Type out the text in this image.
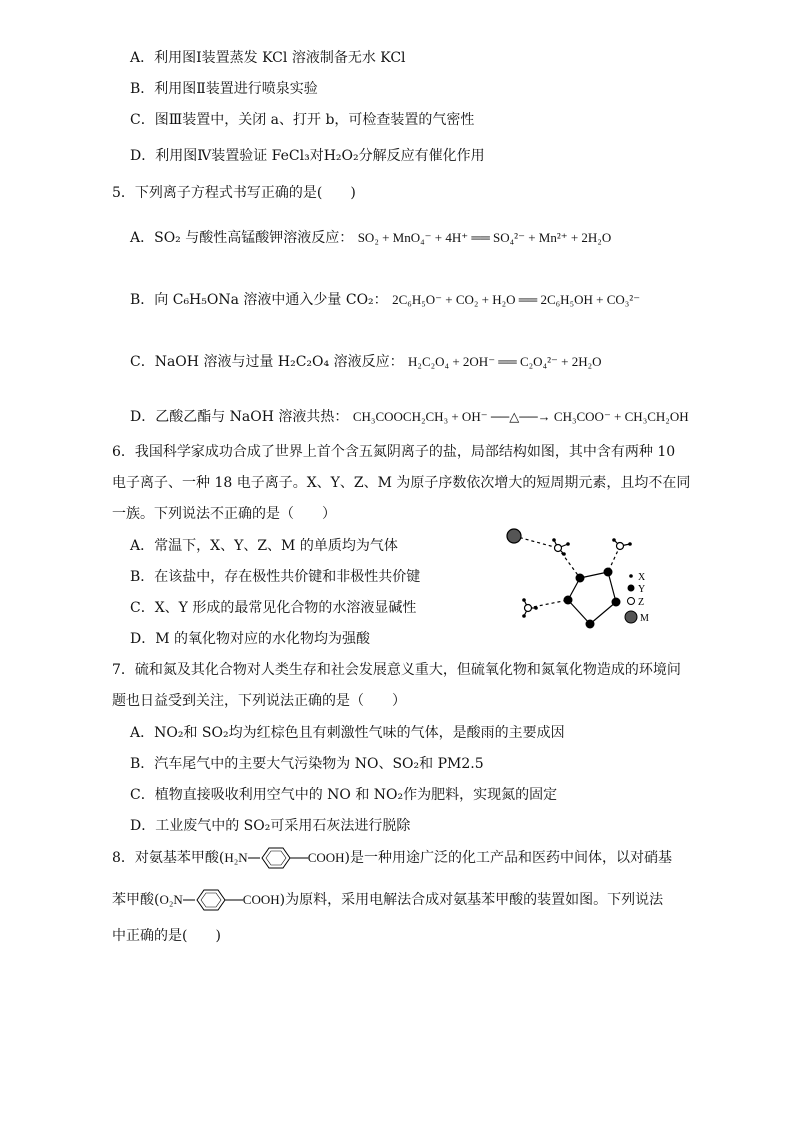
A．利用图Ⅰ装置蒸发 KCl 溶液制备无水 KCl
B．利用图Ⅱ装置进行喷泉实验
C．图Ⅲ装置中，关闭 a、打开 b，可检查装置的气密性
D．利用图Ⅳ装置验证 FeCl₃对H₂O₂分解反应有催化作用
5．下列离子方程式书写正确的是(　　)
A．SO₂ 与酸性高锰酸钾溶液反应： SO₂ + MnO₄⁻ + 4H⁺ ══ SO₄²⁻ + Mn²⁺ + 2H₂O
B．向 C₆H₅ONa 溶液中通入少量 CO₂： 2C₆H₅O⁻ + CO₂ + H₂O ══ 2C₆H₅OH + CO₃²⁻
C．NaOH 溶液与过量 H₂C₂O₄ 溶液反应： H₂C₂O₄ + 2OH⁻ ══ C₂O₄²⁻ + 2H₂O
D．乙酸乙酯与 NaOH 溶液共热： CH₃COOCH₂CH₃ + OH⁻ ──△──→ CH₃COO⁻ + CH₃CH₂OH
6．我国科学家成功合成了世界上首个含五氮阴离子的盐，局部结构如图，其中含有两种 10
电子离子、一种 18 电子离子。X、Y、Z、M 为原子序数依次增大的短周期元素，且均不在同
一族。下列说法不正确的是（　　）
A．常温下，X、Y、Z、M 的单质均为气体
B．在该盐中，存在极性共价键和非极性共价键
C．X、Y 形成的最常见化合物的水溶液显碱性
D．M 的氧化物对应的水化物均为强酸
X
Y
Z
M
7．硫和氮及其化合物对人类生存和社会发展意义重大，但硫氧化物和氮氧化物造成的环境问
题也日益受到关注，下列说法正确的是（　　）
A．NO₂和 SO₂均为红棕色且有刺激性气味的气体，是酸雨的主要成因
B．汽车尾气中的主要大气污染物为 NO、SO₂和 PM2.5
C．植物直接吸收利用空气中的 NO 和 NO₂作为肥料，实现氮的固定
D．工业废气中的 SO₂可采用石灰法进行脱除
8．对氨基苯甲酸(H₂N	COOH)是一种用途广泛的化工产品和医药中间体，以对硝基
苯甲酸(O₂N	COOH)为原料，采用电解法合成对氨基苯甲酸的装置如图。下列说法
中正确的是(　　)
